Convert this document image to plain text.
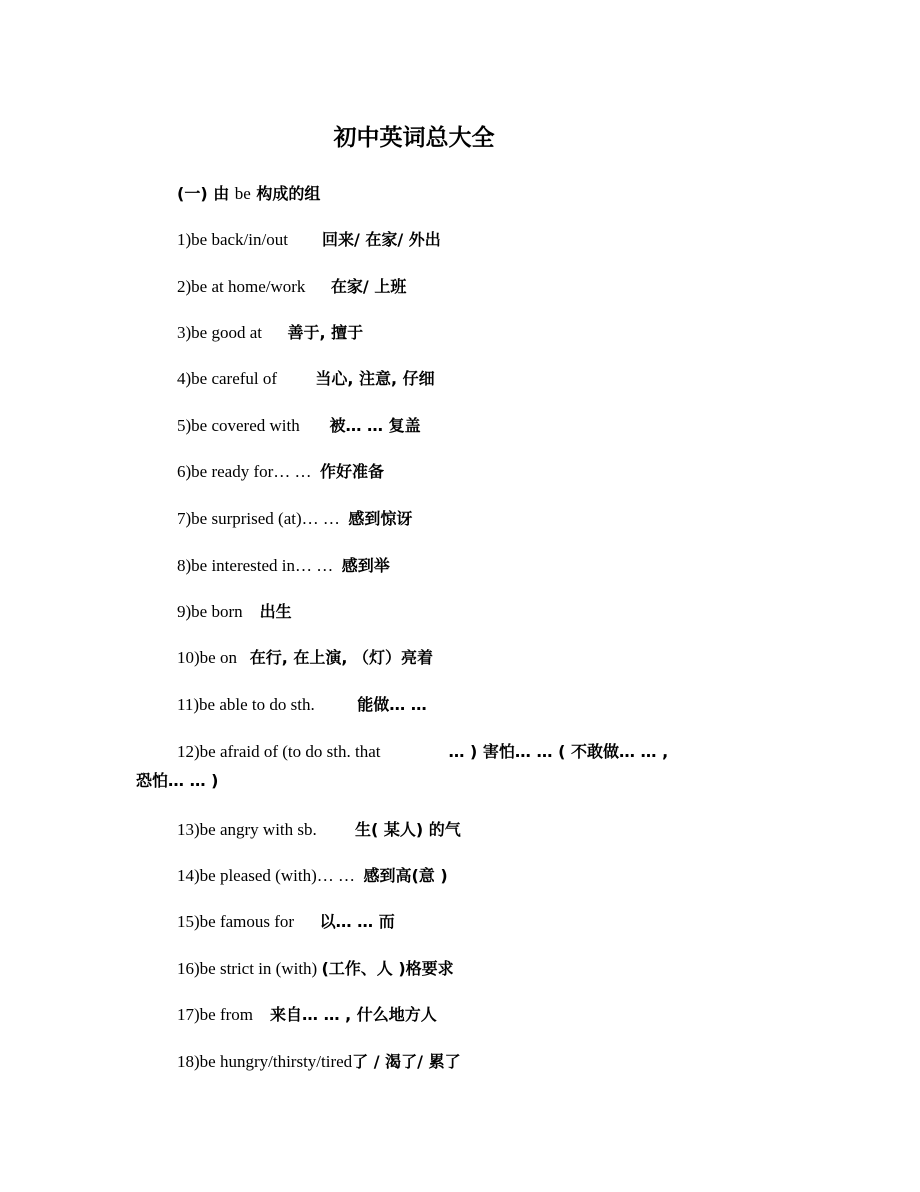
初中英词总大全
(一) 由 be 构成的组
1)be back/in/out 回来/ 在家/ 外出
2)be at home/work 在家/ 上班
3)be good at 善于, 擅于
4)be careful of 当心, 注意, 仔细
5)be covered with 被… … 复盖
6)be ready for… … 作好准备
7)be surprised (at)… … 感到惊讶
8)be interested in… … 感到举
9)be born 出生
10)be on 在行, 在上演, （灯）亮着
11)be able to do sth.	能做… …
12)be afraid of (to do sth. that	… ) 害怕… … ( 不敢做… … ,
恐怕… … )
13)be angry with sb. 生( 某人) 的气
14)be pleased (with)… … 感到高(意 )
15)be famous for 以… … 而
16)be strict in (with) (工作、人 )格要求
17)be from 来自… … , 什么地方人
18)be hungry/thirsty/tired了 / 渴了/ 累了
